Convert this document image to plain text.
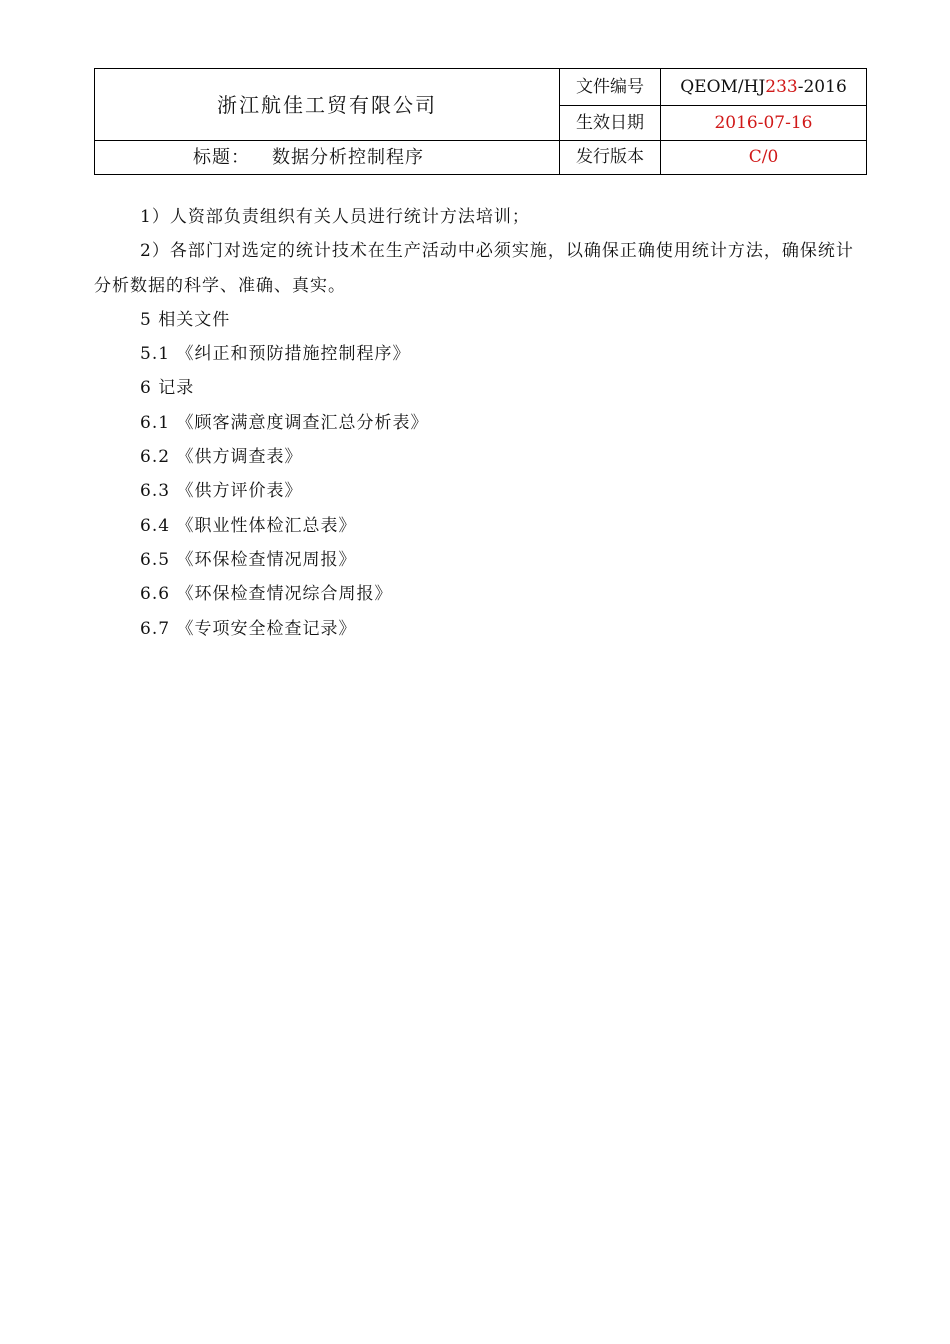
浙江航佳工贸有限公司	文件编号	QEOM/HJ233-2016
	生效日期	2016-07-16
标题： 数据分析控制程序	发行版本	C/0

1）人资部负责组织有关人员进行统计方法培训；

2）各部门对选定的统计技术在生产活动中必须实施，以确保正确使用统计方法，确保统计分析数据的科学、准确、真实。

5 相关文件

5.1 《纠正和预防措施控制程序》

6 记录

6.1 《顾客满意度调查汇总分析表》

6.2 《供方调查表》

6.3 《供方评价表》

6.4 《职业性体检汇总表》

6.5 《环保检查情况周报》

6.6 《环保检查情况综合周报》

6.7 《专项安全检查记录》
